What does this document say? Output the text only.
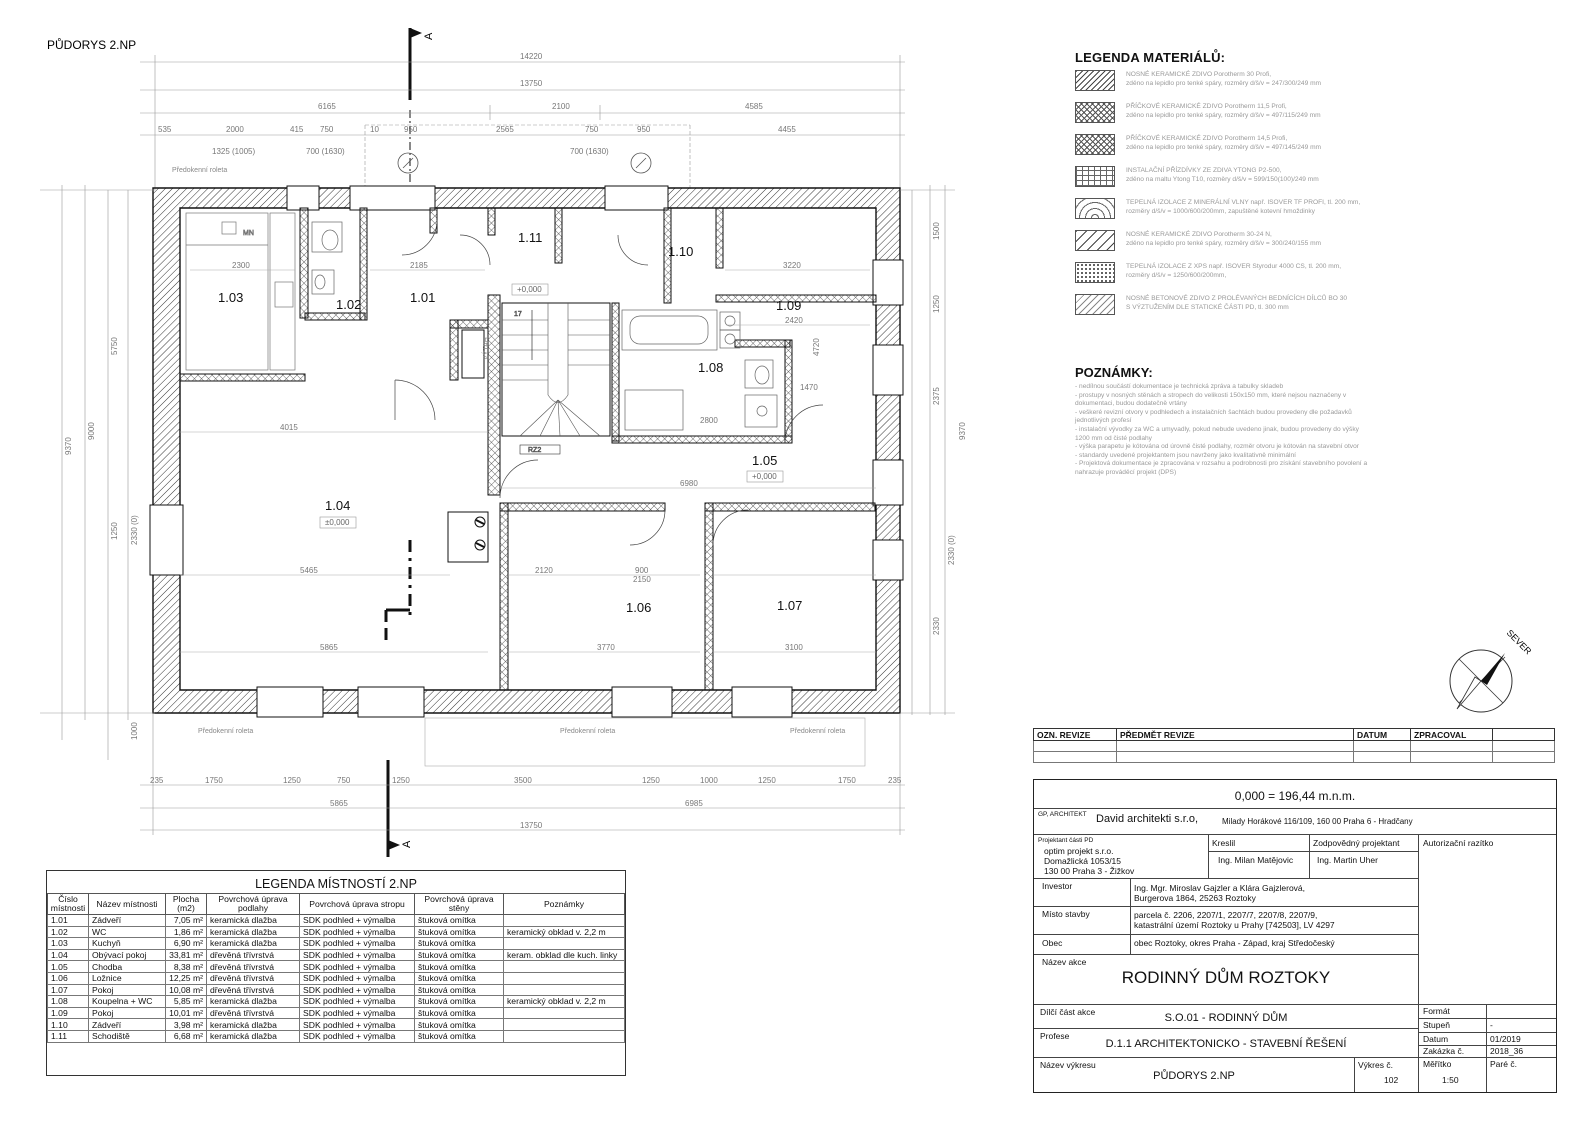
PŮDORYS 2.NP
A
A
14220
13750
6165	2100	4585
535	2000	415 750	10	950	2565	750	950	4455
1325 (1005)	700 (1630)	700 (1630)
VÝTAH
17
RZ2
MN
2300	2185	3220
4015
5465
5865
2120	900
2150
3770	3100
6980
2420
4720
2800
1470
9370
9000
5750
1250 2330 (0)
1000
1500
1250
9370
2375
2330 (0)
2330
235	1750	1250	750	1250	3500	1250	1000	1250	1750	235
5865	6985
13750
Předokenní roleta
Předokenní roleta	Předokenní roleta	Předokenní roleta
1.01
1.02
1.03
1.04
1.05
1.06	1.07
1.08
1.09
1.10
1.11
+0,000
±0,000
+0,000
LEGENDA MATERIÁLŮ:
NOSNÉ KERAMICKÉ ZDIVO Porotherm 30 Profi,
zděno na lepidlo pro tenké spáry, rozměry d/š/v = 247/300/249 mm
PŘÍČKOVÉ KERAMICKÉ ZDIVO Porotherm 11,5 Profi,
zděno na lepidlo pro tenké spáry, rozměry d/š/v = 497/115/249 mm
PŘÍČKOVÉ KERAMICKÉ ZDIVO Porotherm 14,5 Profi,
zděno na lepidlo pro tenké spáry, rozměry d/š/v = 497/145/249 mm
INSTALAČNÍ PŘÍZDÍVKY ZE ZDIVA YTONG P2-500,
zděno na maltu Ytong T10, rozměry d/š/v = 599/150(100)/249 mm
TEPELNÁ IZOLACE Z MINERÁLNÍ VLNY např. ISOVER TF PROFI, tl. 200 mm,
rozměry d/š/v = 1000/600/200mm, zapuštěné kotevní hmoždinky
NOSNÉ KERAMICKÉ ZDIVO Porotherm 30-24 N,
zděno na lepidlo pro tenké spáry, rozměry d/š/v = 300/240/155 mm
TEPELNÁ IZOLACE Z XPS např. ISOVER Styrodur 4000 CS, tl. 200 mm,
rozměry d/š/v = 1250/600/200mm,
NOSNÉ BETONOVÉ ZDIVO Z PROLÉVANÝCH BEDNÍCÍCH DÍLCŮ BO 30
S VÝZTUŽENÍM DLE STATICKÉ ČÁSTI PD, tl. 300 mm
POZNÁMKY:
- nedílnou součástí dokumentace je technická zpráva a tabulky skladeb
- prostupy v nosných stěnách a stropech do velikosti 150x150 mm, které nejsou naznačeny v
dokumentaci, budou dodatečně vrtány
- veškeré revizní otvory v podhledech a instalačních šachtách budou provedeny dle požadavků
jednotlivých profesí
- instalační vývodky za WC a umyvadly, pokud nebude uvedeno jinak, budou provedeny do výšky
1200 mm od čisté podlahy
- výška parapetu je kótována od úrovně čisté podlahy, rozměr otvoru je kótován na stavební otvor
- standardy uvedené projektantem jsou navrženy jako kvalitativně minimální
- Projektová dokumentace je zpracována v rozsahu a podrobnosti pro získání stavebního povolení a
nahrazuje prováděcí projekt (DPS)
SEVER
OZN. REVIZE	PŘEDMĚT REVIZE	DATUM	ZPRACOVAL	

0,000 = 196,44 m.n.m.
GP, ARCHITEKT David architekti s.r.o,	Milady Horákové 116/109, 160 00 Praha 6 - Hradčany
Projektant části PD
optim projekt s.r.o.
Domažlická 1053/15
130 00 Praha 3 - Žižkov
Kreslil	Zodpovědný projektant
Ing. Milan Matějovic	Ing. Martin Uher
Autorizační razítko
Investor	Ing. Mgr. Miroslav Gajzler a Klára Gajzlerová,
Burgerova 1864, 25263 Roztoky
Místo stavby	parcela č. 2206, 2207/1, 2207/7, 2207/8, 2207/9,
katastrální území Roztoky u Prahy [742503], LV 4297
Obec	obec Roztoky, okres Praha - Západ, kraj Středočeský
Název akce
RODINNÝ DŮM ROZTOKY
Dílčí část akce	S.O.01 - RODINNÝ DŮM
Profese
D.1.1 ARCHITEKTONICKO - STAVEBNÍ ŘEŠENÍ
Název výkresu
PŮDORYS 2.NP
Výkres č.
102
Formát
Stupeň	-
Datum	01/2019
Zakázka č.	2018_36
Měřítko
1:50
Paré č.
LEGENDA MÍSTNOSTÍ 2.NP
Číslo místnosti	Název místnosti	Plocha (m2)	Povrchová úprava podlahy	Povrchová úprava stropu	Povrchová úprava stěny	Poznámky
1.01	Zádveří	7,05 m²	keramická dlažba	SDK podhled + výmalba	štuková omítka	
1.02	WC	1,86 m²	keramická dlažba	SDK podhled + výmalba	štuková omítka	keramický obklad v. 2,2 m
1.03	Kuchyň	6,90 m²	keramická dlažba	SDK podhled + výmalba	štuková omítka	
1.04	Obývací pokoj	33,81 m²	dřevěná třívrstvá	SDK podhled + výmalba	štuková omítka	keram. obklad dle kuch. linky
1.05	Chodba	8,38 m²	dřevěná třívrstvá	SDK podhled + výmalba	štuková omítka	
1.06	Ložnice	12,25 m²	dřevěná třívrstvá	SDK podhled + výmalba	štuková omítka	
1.07	Pokoj	10,08 m²	dřevěná třívrstvá	SDK podhled + výmalba	štuková omítka	
1.08	Koupelna + WC	5,85 m²	keramická dlažba	SDK podhled + výmalba	štuková omítka	keramický obklad v. 2,2 m
1.09	Pokoj	10,01 m²	dřevěná třívrstvá	SDK podhled + výmalba	štuková omítka	
1.10	Zádveří	3,98 m²	keramická dlažba	SDK podhled + výmalba	štuková omítka	
1.11	Schodiště	6,68 m²	keramická dlažba	SDK podhled + výmalba	štuková omítka	
